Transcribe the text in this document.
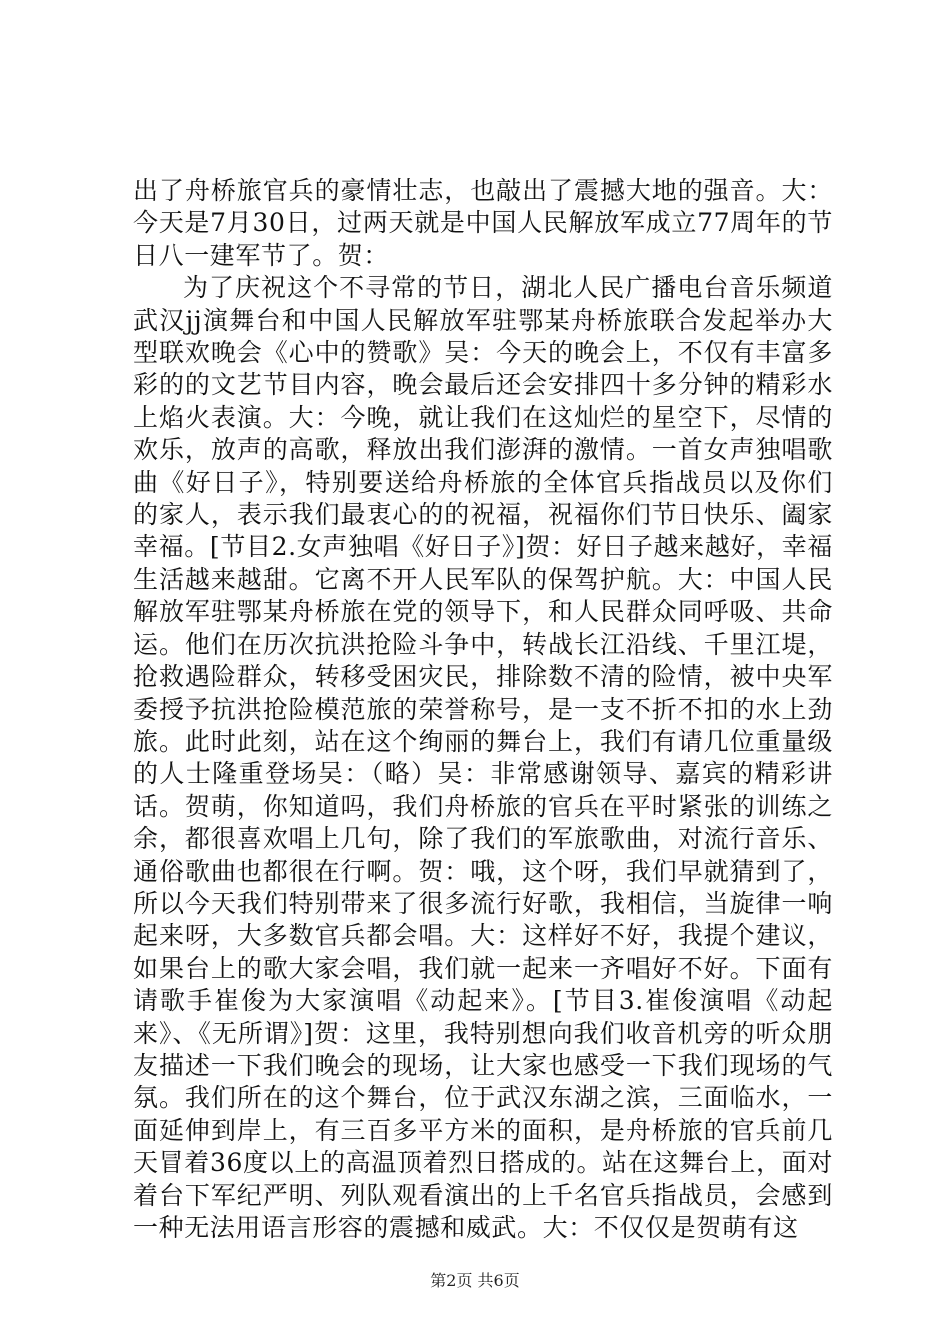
出了舟桥旅官兵的豪情壮志，也敲出了震撼大地的强音。大：今天是7月30日，过两天就是中国人民解放军成立77周年的节日八一建军节了。贺：

为了庆祝这个不寻常的节日，湖北人民广播电台音乐频道武汉jj演舞台和中国人民解放军驻鄂某舟桥旅联合发起举办大型联欢晚会《心中的赞歌》吴：今天的晚会上，不仅有丰富多彩的的文艺节目内容，晚会最后还会安排四十多分钟的精彩水上焰火表演。大：今晚，就让我们在这灿烂的星空下，尽情的欢乐，放声的高歌，释放出我们澎湃的激情。一首女声独唱歌曲《好日子》，特别要送给舟桥旅的全体官兵指战员以及你们的家人，表示我们最衷心的的祝福，祝福你们节日快乐、阖家幸福。[节目2.女声独唱《好日子》]贺：好日子越来越好，幸福生活越来越甜。它离不开人民军队的保驾护航。大：中国人民解放军驻鄂某舟桥旅在党的领导下，和人民群众同呼吸、共命运。他们在历次抗洪抢险斗争中，转战长江沿线、千里江堤，抢救遇险群众，转移受困灾民，排除数不清的险情，被中央军委授予抗洪抢险模范旅的荣誉称号，是一支不折不扣的水上劲旅。此时此刻，站在这个绚丽的舞台上，我们有请几位重量级的人士隆重登场吴：（略）吴：非常感谢领导、嘉宾的精彩讲话。贺萌，你知道吗，我们舟桥旅的官兵在平时紧张的训练之余，都很喜欢唱上几句，除了我们的军旅歌曲，对流行音乐、通俗歌曲也都很在行啊。贺：哦，这个呀，我们早就猜到了，所以今天我们特别带来了很多流行好歌，我相信，当旋律一响起来呀，大多数官兵都会唱。大：这样好不好，我提个建议，如果台上的歌大家会唱，我们就一起来一齐唱好不好。下面有请歌手崔俊为大家演唱《动起来》。[节目3.崔俊演唱《动起来》、《无所谓》]贺：这里，我特别想向我们收音机旁的听众朋友描述一下我们晚会的现场，让大家也感受一下我们现场的气氛。我们所在的这个舞台，位于武汉东湖之滨，三面临水，一面延伸到岸上，有三百多平方米的面积，是舟桥旅的官兵前几天冒着36度以上的高温顶着烈日搭成的。站在这舞台上，面对着台下军纪严明、列队观看演出的上千名官兵指战员，会感到一种无法用语言形容的震撼和威武。大：不仅仅是贺萌有这

第2页 共6页
